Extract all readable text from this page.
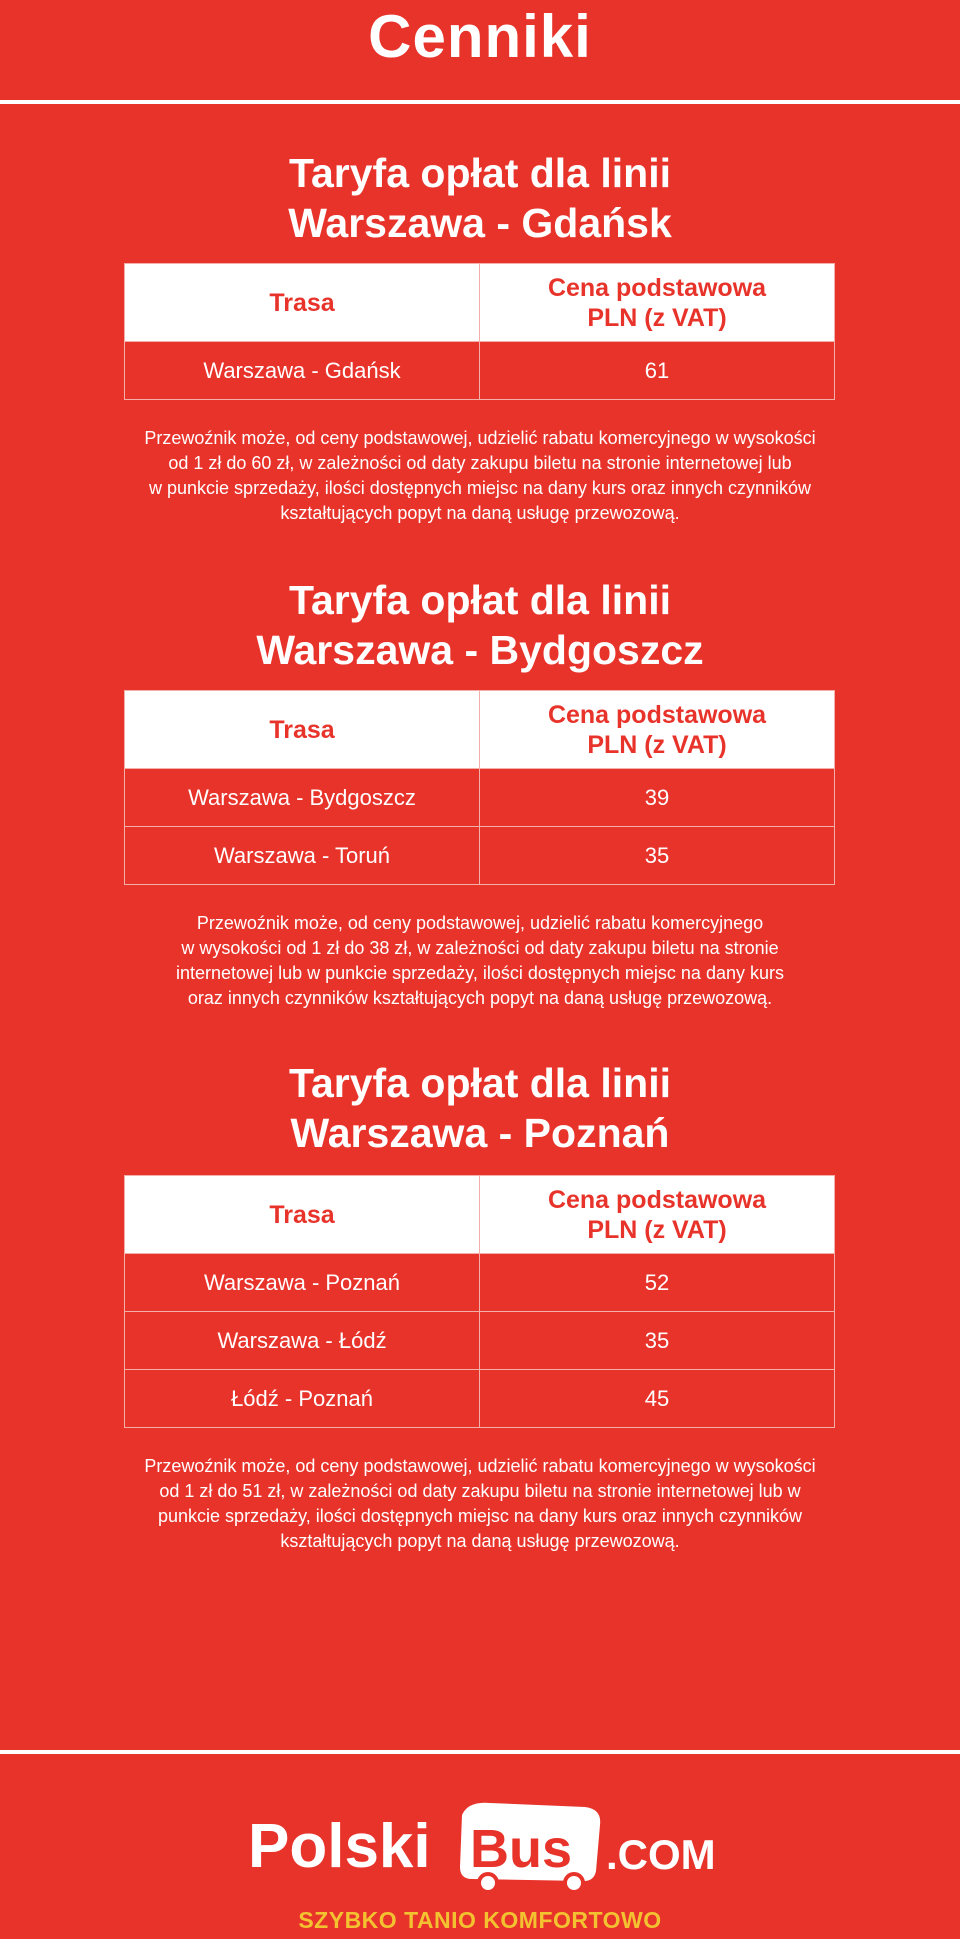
Cenniki
Taryfa opłat dla linii
Warszawa - Gdańsk
Trasa	Cena podstawowa
PLN (z VAT)

Warszawa - Gdańsk	61
Przewoźnik może, od ceny podstawowej, udzielić rabatu komercyjnego w wysokości
od 1 zł do 60 zł, w zależności od daty zakupu biletu na stronie internetowej lub
w punkcie sprzedaży, ilości dostępnych miejsc na dany kurs oraz innych czynników
kształtujących popyt na daną usługę przewozową.
Taryfa opłat dla linii
Warszawa - Bydgoszcz
Trasa	Cena podstawowa
PLN (z VAT)

Warszawa - Bydgoszcz	39
Warszawa - Toruń	35
Przewoźnik może, od ceny podstawowej, udzielić rabatu komercyjnego
w wysokości od 1 zł do 38 zł, w zależności od daty zakupu biletu na stronie
internetowej lub w punkcie sprzedaży, ilości dostępnych miejsc na dany kurs
oraz innych czynników kształtujących popyt na daną usługę przewozową.
Taryfa opłat dla linii
Warszawa - Poznań
Trasa	Cena podstawowa
PLN (z VAT)

Warszawa - Poznań	52
Warszawa - Łódź	35
Łódź - Poznań	45
Przewoźnik może, od ceny podstawowej, udzielić rabatu komercyjnego w wysokości
od 1 zł do 51 zł, w zależności od daty zakupu biletu na stronie internetowej lub w
punkcie sprzedaży, ilości dostępnych miejsc na dany kurs oraz innych czynników
kształtujących popyt na daną usługę przewozową.
Polski Bus .COM
SZYBKO TANIO KOMFORTOWO
